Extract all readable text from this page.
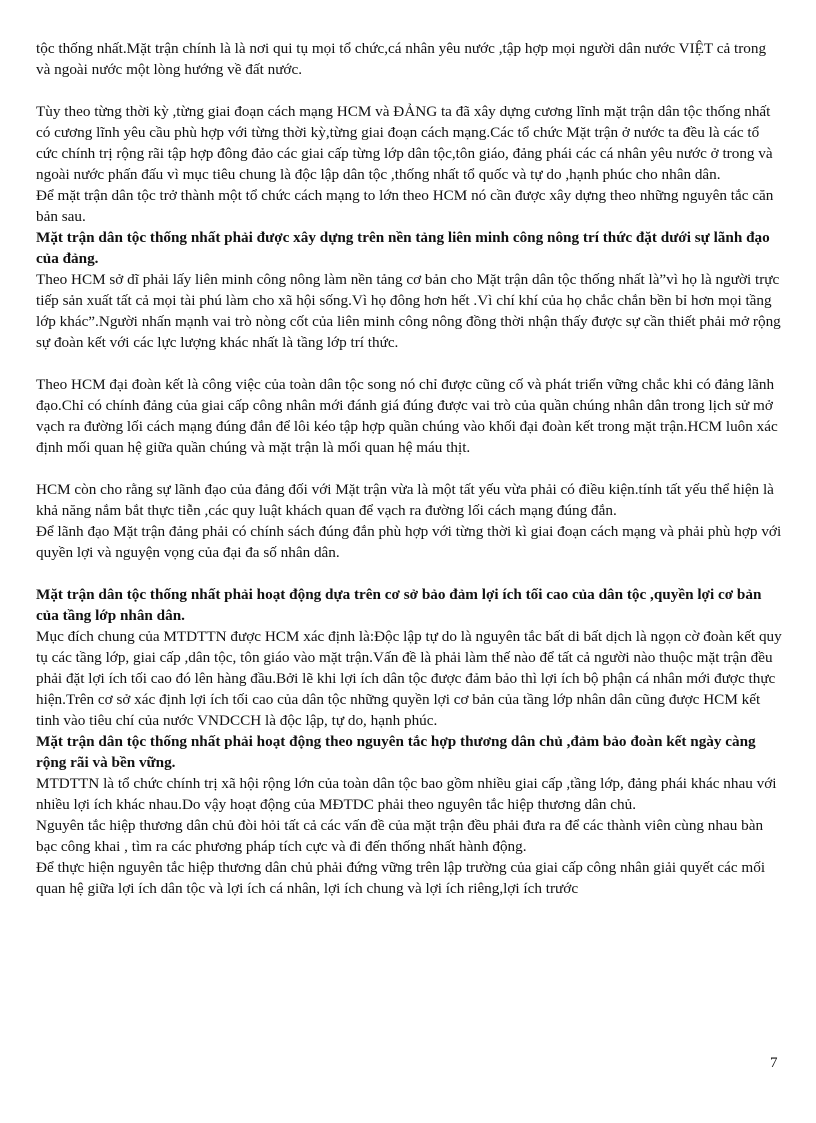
tộc thống nhất.Mặt trận chính là là nơi qui tụ mọi tổ chức,cá nhân yêu nước ,tập hợp mọi người dân nước VIỆT cả trong và ngoài nước một lòng hướng về đất nước.

Tùy theo từng thời kỳ ,từng giai đoạn cách mạng HCM và ĐẢNG ta đã xây dựng cương lĩnh mặt trận dân tộc thống nhất có cương lĩnh yêu cầu phù hợp với từng thời kỳ,từng giai đoạn cách mạng.Các tổ chức Mặt trận ở nước ta đều là các tổ cức chính trị rộng rãi tập hợp đông đảo các giai cấp từng lớp dân tộc,tôn giáo, đảng phái các cá nhân yêu nước ở trong và ngoài nước phấn đấu vì mục tiêu chung là độc lập dân tộc ,thống nhất tổ quốc và tự do ,hạnh phúc cho nhân dân.

Để mặt trận dân tộc trở thành một tổ chức cách mạng to lớn theo HCM nó cần được xây dựng theo những nguyên tắc căn bản sau.

Mặt trận dân tộc thống nhất phải được xây dựng trên nền tảng liên minh công nông trí thức đặt dưới sự lãnh đạo của đảng.

Theo HCM sở dĩ phải lấy liên minh công nông làm nền tảng cơ bản cho Mặt trận dân tộc thống nhất là”vì họ là người trực tiếp sản xuất tất cả mọi tài phú làm cho xã hội sống.Vì họ đông hơn hết .Vì chí khí của họ chắc chắn bền bỉ hơn mọi tầng lớp khác”.Người nhấn mạnh vai trò nòng cốt của liên minh công nông đồng thời nhận thấy được sự cần thiết phải mở rộng sự đoàn kết với các lực lượng khác nhất là tầng lớp trí thức.

Theo HCM đại đoàn kết là công việc của toàn dân tộc song nó chỉ được cũng cố và phát triển vững chắc khi có đảng lãnh đạo.Chỉ có chính đảng của giai cấp công nhân mới đánh giá đúng được vai trò của quần chúng nhân dân trong lịch sử mở vạch ra đường lối cách mạng đúng đắn để lôi kéo tập hợp quần chúng vào khối đại đoàn kết trong mặt trận.HCM luôn xác định mối quan hệ giữa quần chúng và mặt trận là mối quan hệ máu thịt.

HCM còn cho rằng sự lãnh đạo của đảng đối với Mặt trận vừa là một tất yếu vừa phải có điều kiện.tính tất yếu thể hiện là khả năng nắm bắt thực tiễn ,các quy luật khách quan để vạch ra đường lối cách mạng đúng đắn.

Để lãnh đạo Mặt trận đảng phải có chính sách đúng đắn phù hợp với từng thời kì giai đoạn cách mạng và phải phù hợp với quyền lợi và nguyện vọng của đại đa số nhân dân.

Mặt trận dân tộc thống nhất phải hoạt động dựa trên cơ sở bảo đảm lợi ích tối cao của dân tộc ,quyền lợi cơ bản của tầng lớp nhân dân.

Mục đích chung của MTDTTN được HCM xác định là:Độc lập tự do là nguyên tắc bất di bất dịch là ngọn cờ đoàn kết quy tụ các tầng lớp, giai cấp ,dân tộc, tôn giáo vào mặt trận.Vấn đề là phải làm thế nào để tất cả người nào thuộc mặt trận đều phải đặt lợi ích tối cao đó lên hàng đầu.Bởi lẽ khi lợi ích dân tộc được đảm bảo thì lợi ích bộ phận cá nhân mới được thực hiện.Trên cơ sở xác định lợi ích tối cao của dân tộc những quyền lợi cơ bản của tầng lớp nhân dân cũng được HCM kết tinh vào tiêu chí của nước VNDCCH là độc lập, tự do, hạnh phúc.

Mặt trận dân tộc thống nhất phải hoạt động theo nguyên tắc hợp thương dân chủ ,đảm bảo đoàn kết ngày càng rộng rãi và bền vững.

MTDTTN là tổ chức chính trị xã hội rộng lớn của toàn dân tộc bao gồm nhiều giai cấp ,tầng lớp, đảng phái khác nhau với nhiều lợi ích khác nhau.Do vậy hoạt động của MĐTDC phải theo nguyên tắc hiệp thương dân chủ.

Nguyên tắc hiệp thương dân chủ đòi hỏi tất cả các vấn đề của mặt trận đều phải đưa ra để các thành viên cùng nhau bàn bạc công khai , tìm ra các phương pháp tích cực và đi đến thống nhất hành động.

Để thực hiện nguyên tắc hiệp thương dân chủ phải đứng vững trên lập trường của giai cấp công nhân giải quyết các mối quan hệ giữa lợi ích dân tộc và lợi ích cá nhân, lợi ích chung và lợi ích riêng,lợi ích trước

7
